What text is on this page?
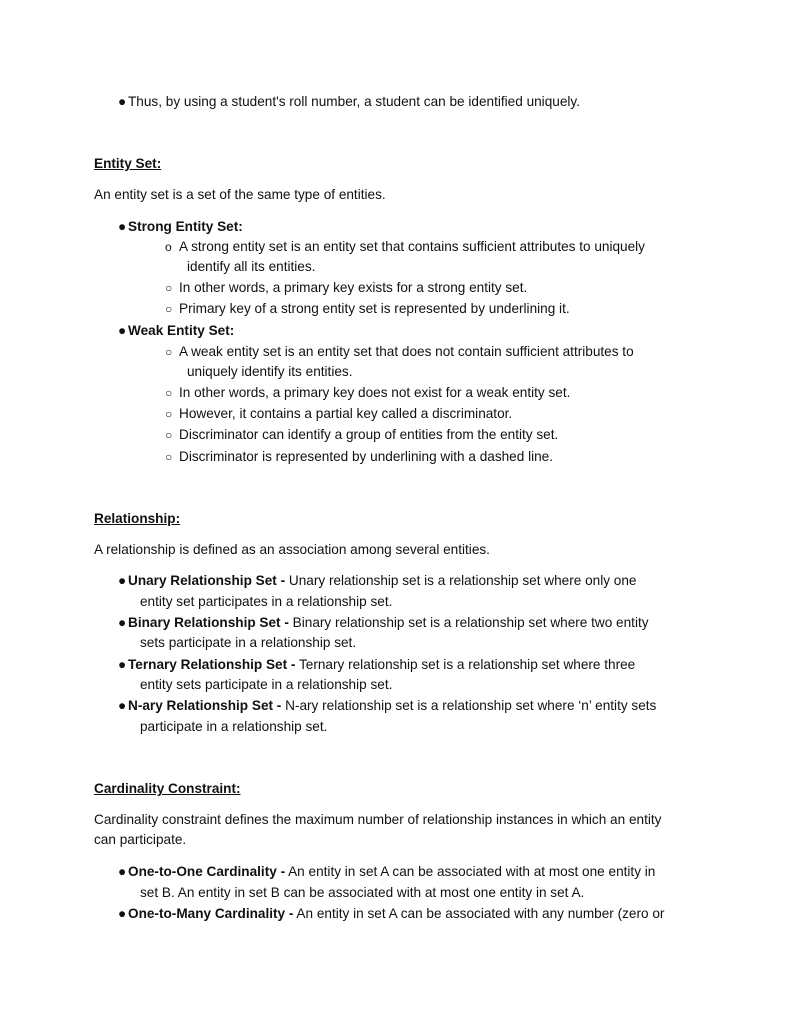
● Thus, by using a student's roll number, a student can be identified uniquely.
Entity Set:
An entity set is a set of the same type of entities.
● Strong Entity Set:
o A strong entity set is an entity set that contains sufficient attributes to uniquely
identify all its entities.
○ In other words, a primary key exists for a strong entity set.
○ Primary key of a strong entity set is represented by underlining it.
● Weak Entity Set:
○ A weak entity set is an entity set that does not contain sufficient attributes to
uniquely identify its entities.
○ In other words, a primary key does not exist for a weak entity set.
○ However, it contains a partial key called a discriminator.
○ Discriminator can identify a group of entities from the entity set.
○ Discriminator is represented by underlining with a dashed line.
Relationship:
A relationship is defined as an association among several entities.
● Unary Relationship Set - Unary relationship set is a relationship set where only one
entity set participates in a relationship set.
● Binary Relationship Set - Binary relationship set is a relationship set where two entity
sets participate in a relationship set.
● Ternary Relationship Set - Ternary relationship set is a relationship set where three
entity sets participate in a relationship set.
● N-ary Relationship Set - N-ary relationship set is a relationship set where ‘n’ entity sets
participate in a relationship set.
Cardinality Constraint:
Cardinality constraint defines the maximum number of relationship instances in which an entity
can participate.
● One-to-One Cardinality - An entity in set A can be associated with at most one entity in
set B. An entity in set B can be associated with at most one entity in set A.
● One-to-Many Cardinality - An entity in set A can be associated with any number (zero or
